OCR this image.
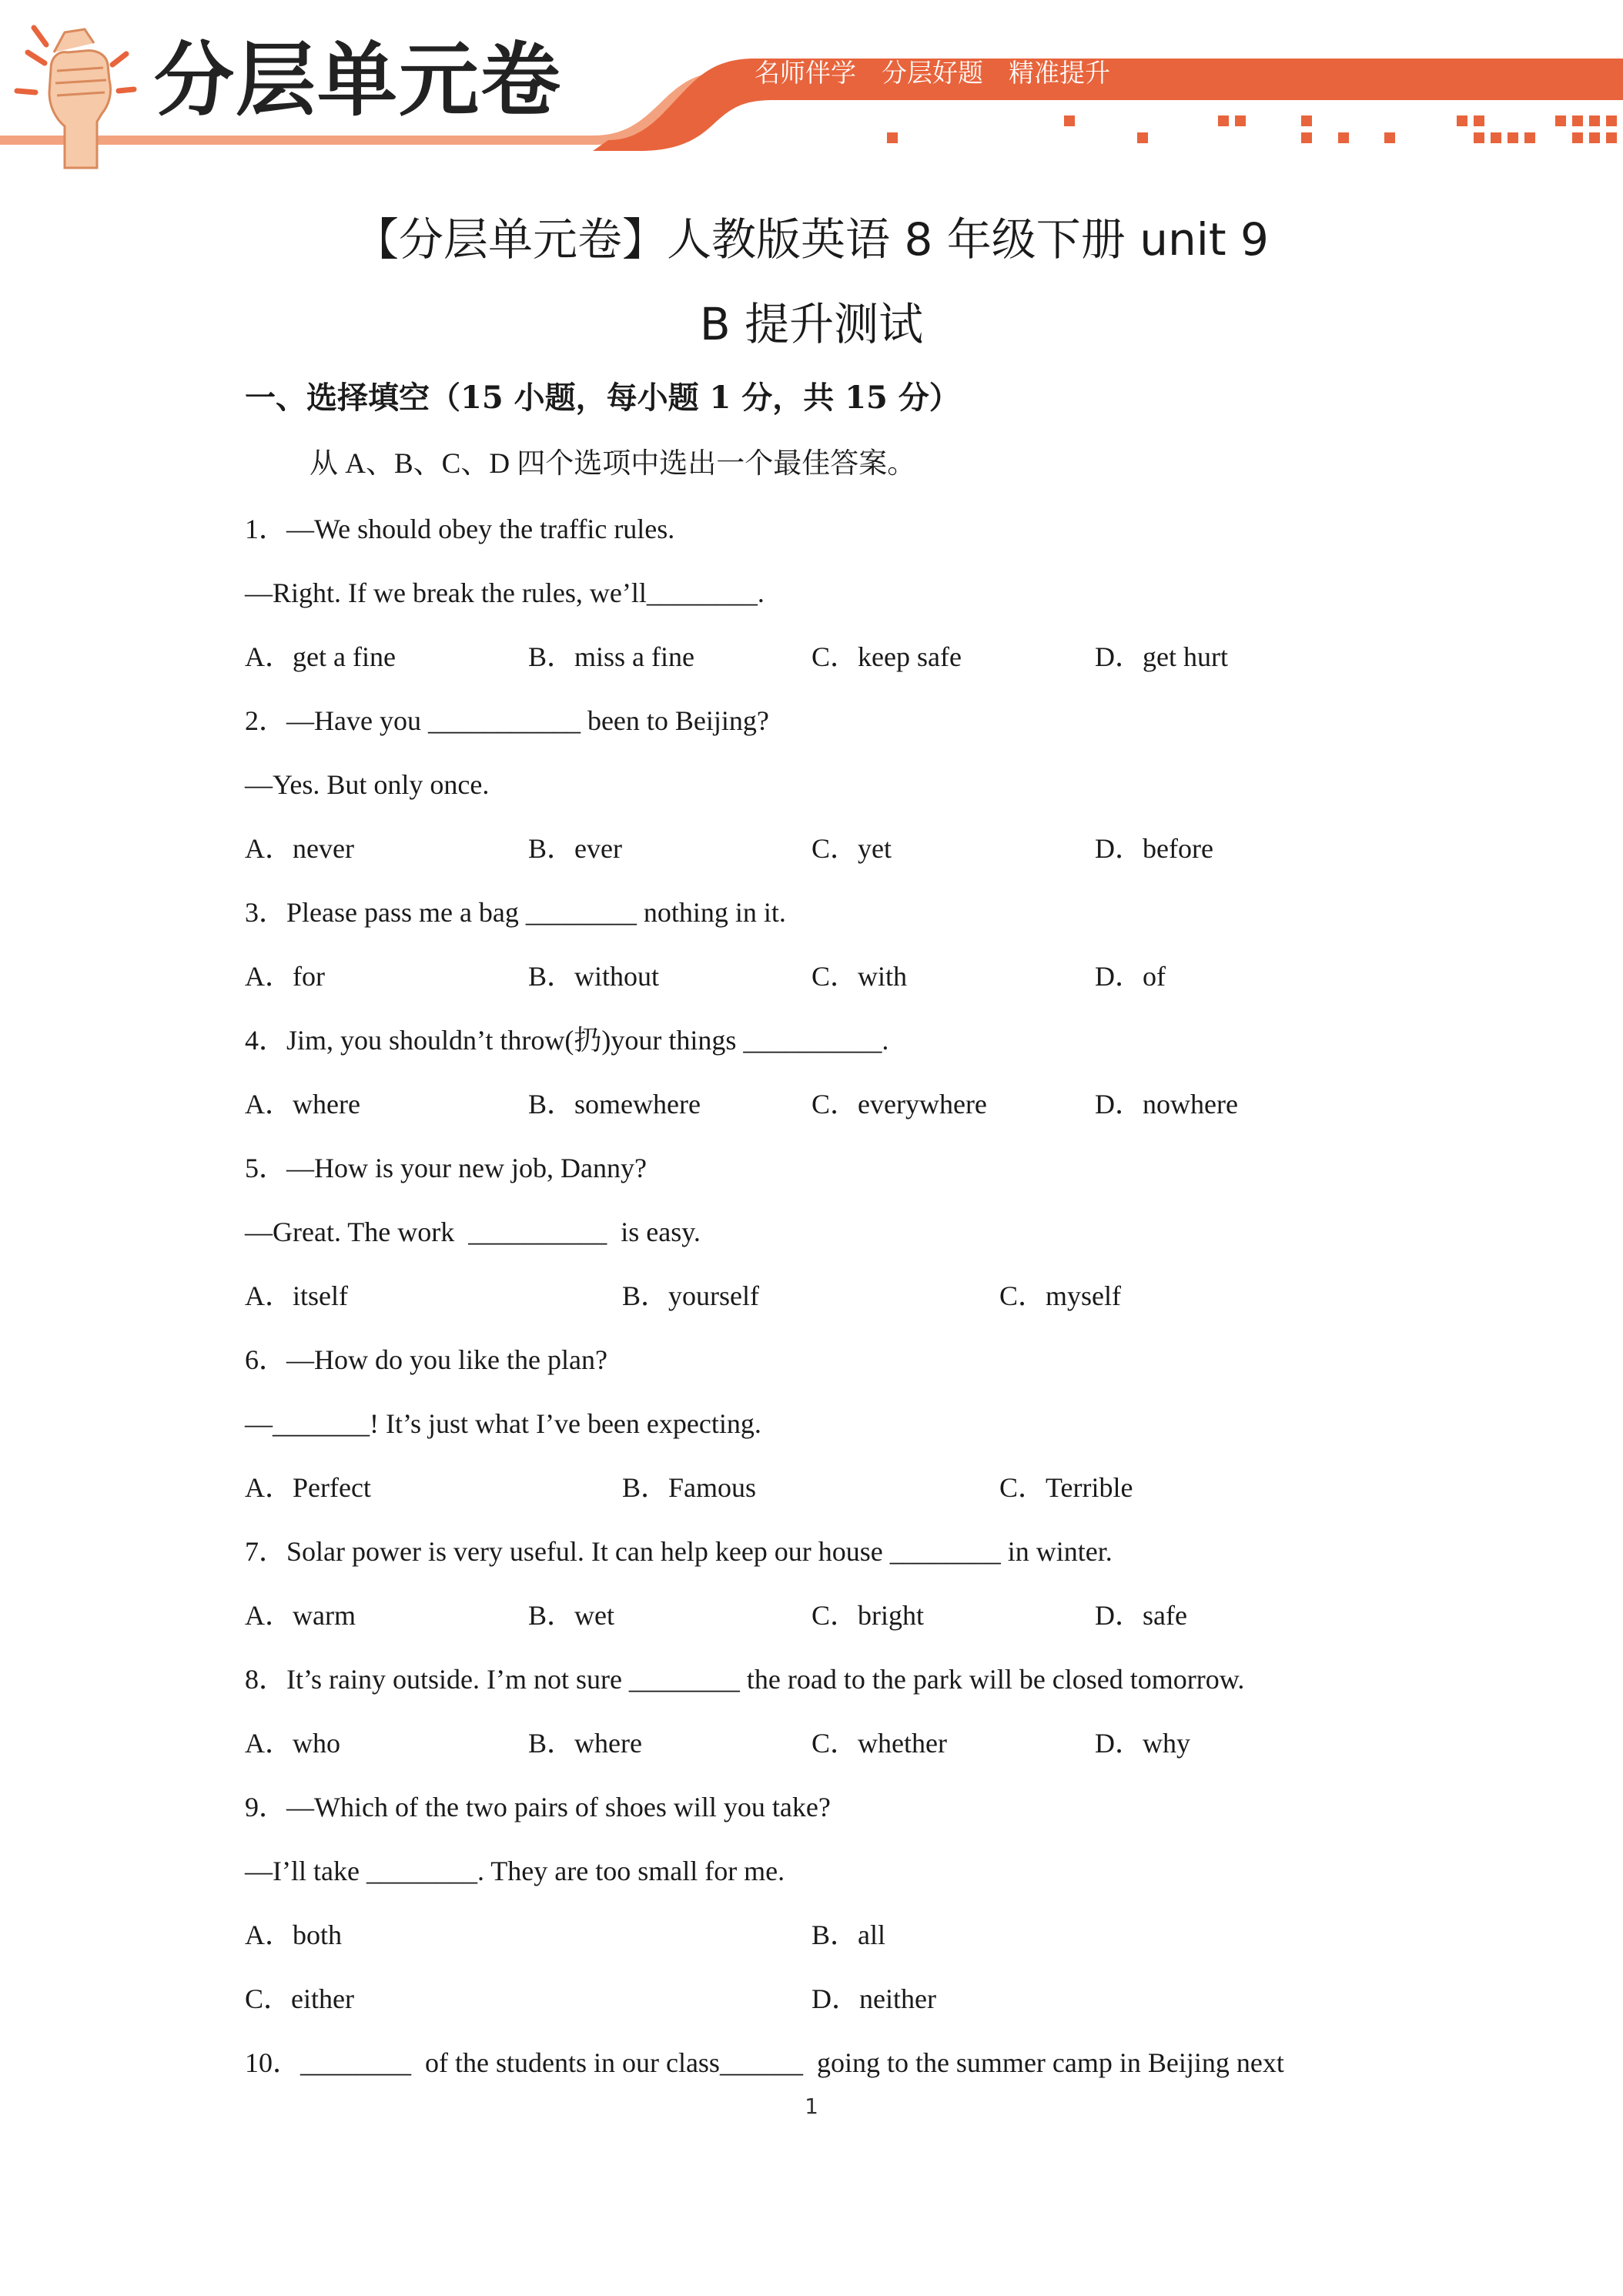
分层单元卷	名师伴学　分层好题　精准提升
【分层单元卷】人教版英语 8 年级下册 unit 9
B 提升测试
一、选择填空（15 小题，每小题 1 分，共 15 分）
从 A、B、C、D 四个选项中选出一个最佳答案。
1．—We should obey the traffic rules.
—Right. If we break the rules, we’ll________.
A．get a fine	B．miss a fine	C．keep safe	D．get hurt
2．—Have you ___________ been to Beijing?
—Yes. But only once.
A．never	B．ever	C．yet	D．before
3．Please pass me a bag ________ nothing in it.
A．for	B．without	C．with	D．of
4．Jim, you shouldn’t throw(扔)your things __________.
A．where	B．somewhere	C．everywhere	D．nowhere
5．—How is your new job, Danny?
—Great. The work  __________  is easy.
A．itself	B．yourself	C．myself
6．—How do you like the plan?
—_______! It’s just what I’ve been expecting.
A．Perfect	B．Famous	C．Terrible
7．Solar power is very useful. It can help keep our house ________ in winter.
A．warm	B．wet	C．bright	D．safe
8．It’s rainy outside. I’m not sure ________ the road to the park will be closed tomorrow.
A．who	B．where	C．whether	D．why
9．—Which of the two pairs of shoes will you take?
—I’ll take ________. They are too small for me.
A．both	B．all
C．either	D．neither
10．________  of the students in our class______  going to the summer camp in Beijing next
1
